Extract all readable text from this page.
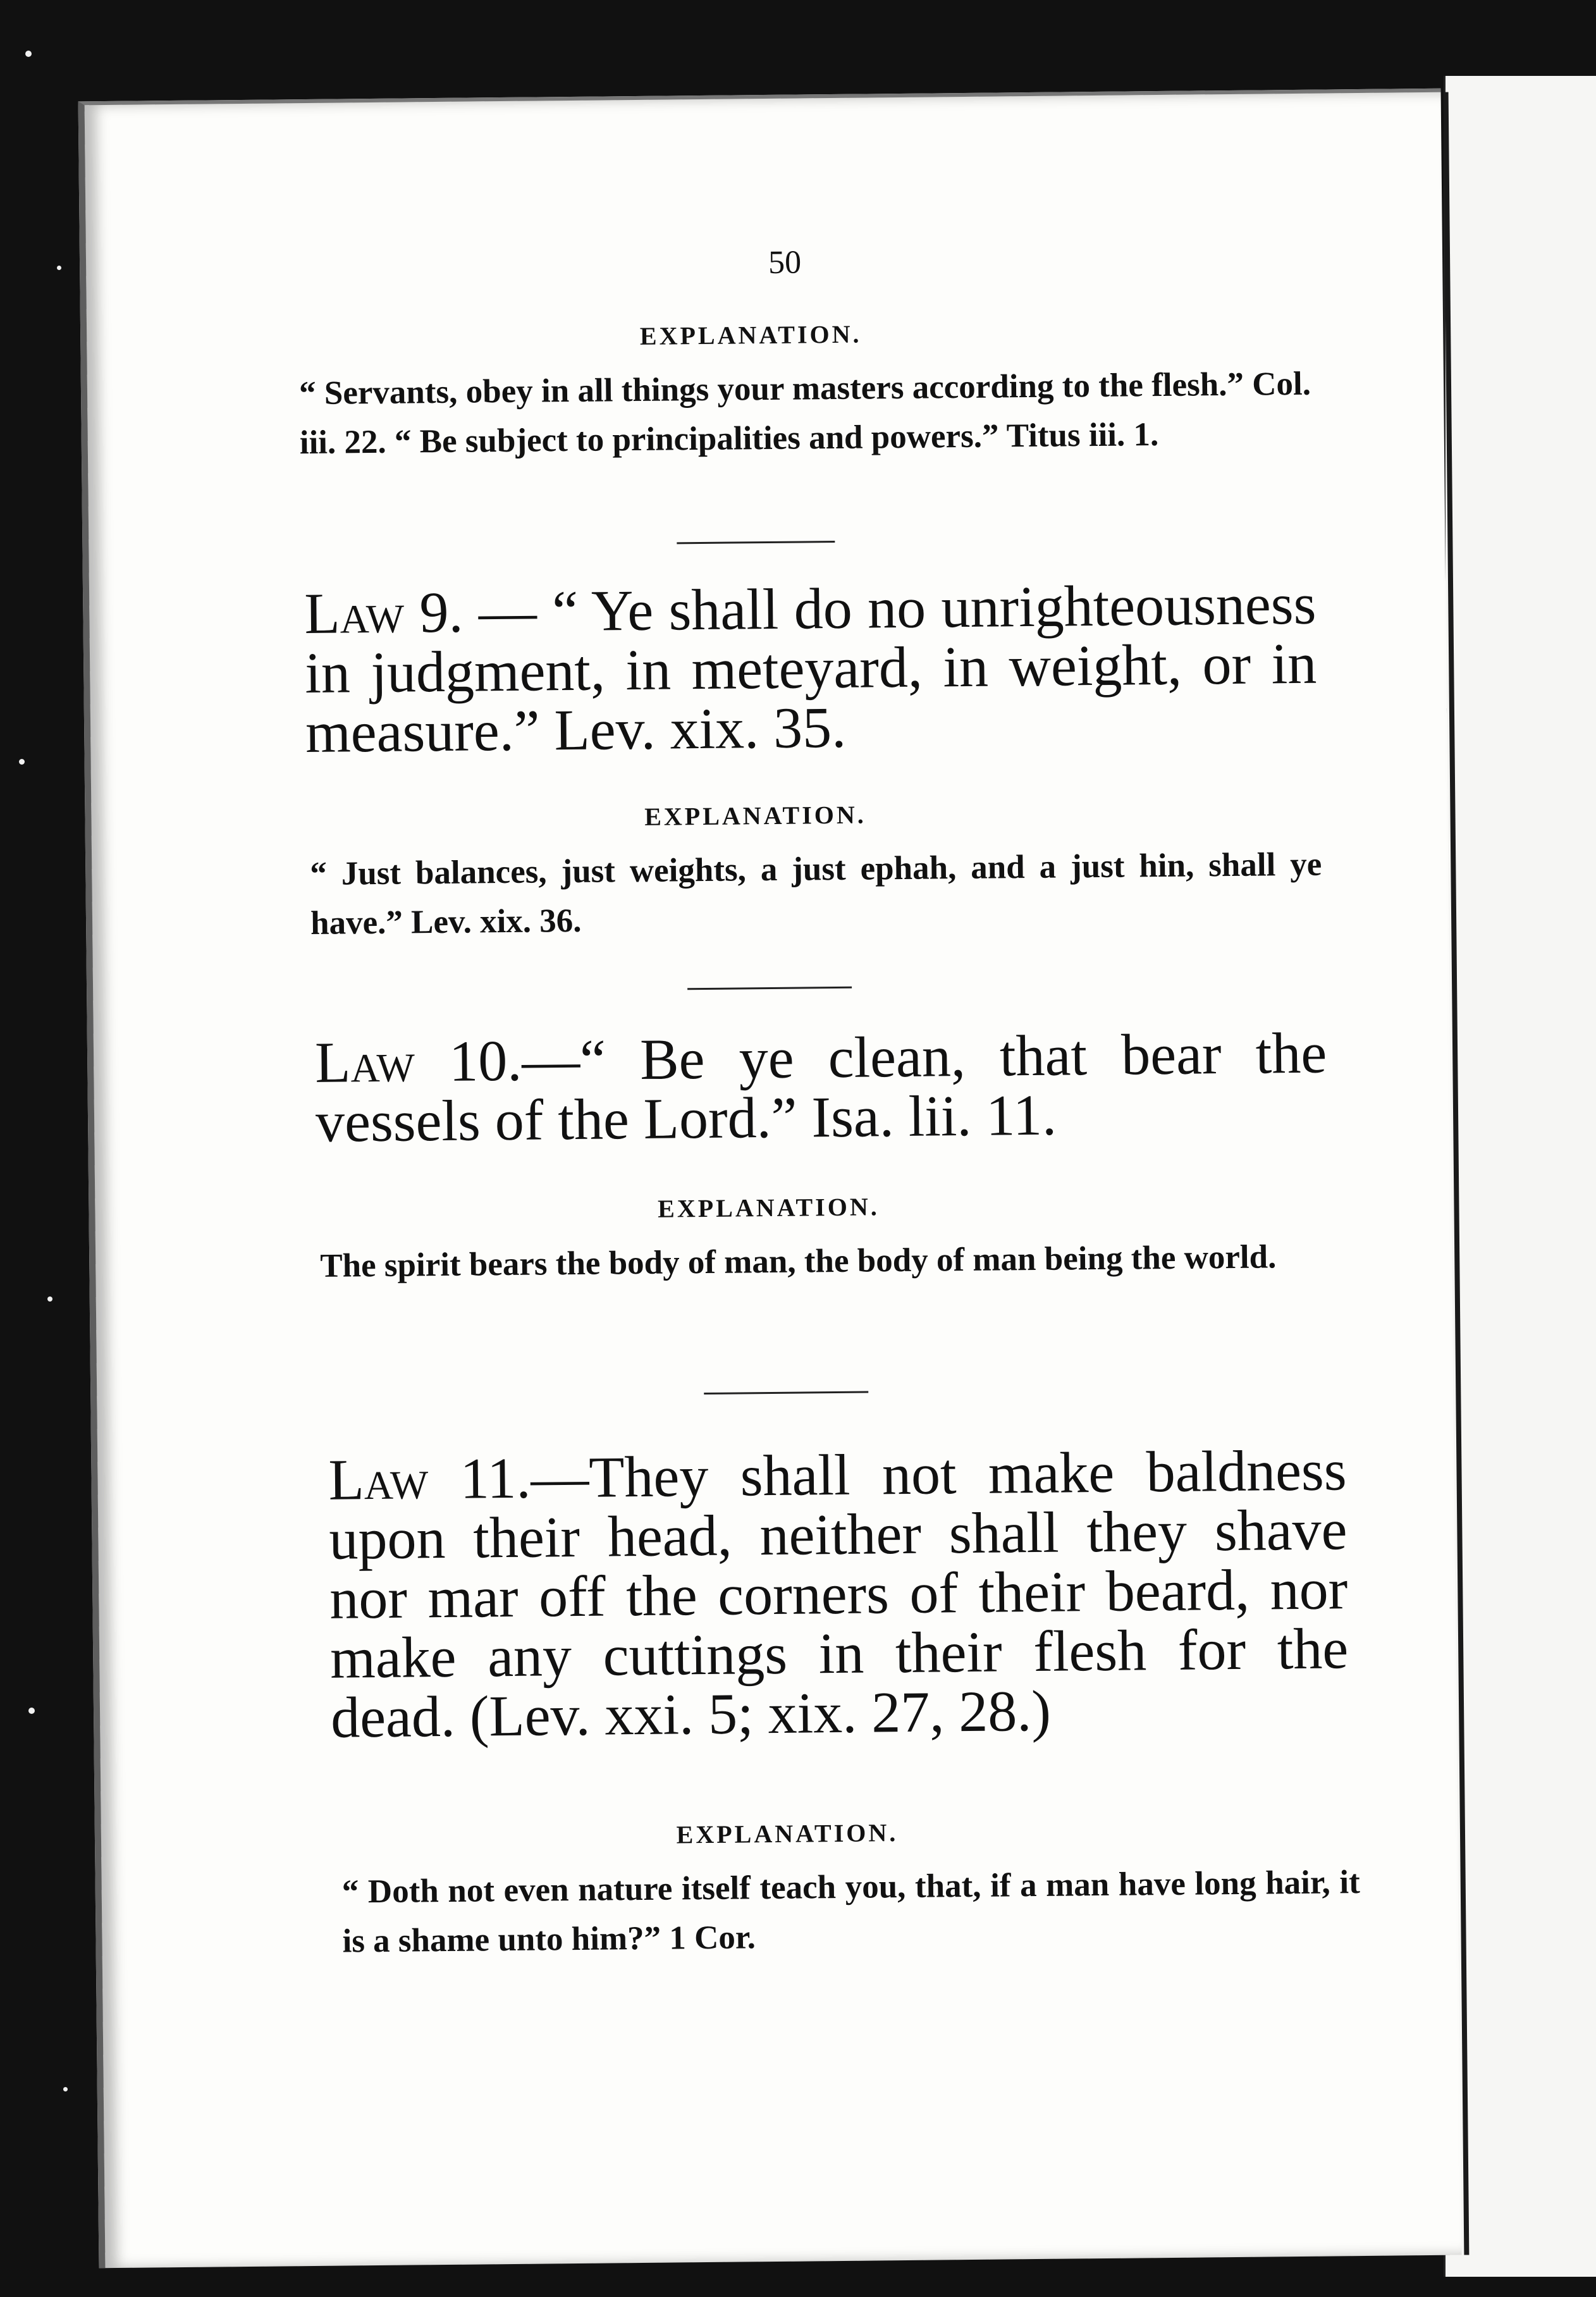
50
EXPLANATION.
“ Servants, obey in all things your masters according to the flesh.” Col. iii. 22. “ Be subject to principalities and powers.” Titus iii. 1.
Law 9. — “ Ye shall do no unrighteousness in judgment, in meteyard, in weight, or in measure.” Lev. xix. 35.
EXPLANATION.
“ Just balances, just weights, a just ephah, and a just hin, shall ye have.” Lev. xix. 36.
Law 10.—“ Be ye clean, that bear the vessels of the Lord.” Isa. lii. 11.
EXPLANATION.
The spirit bears the body of man, the body of man being the world.
Law 11.—They shall not make baldness upon their head, neither shall they shave nor mar off the corners of their beard, nor make any cuttings in their flesh for the dead. (Lev. xxi. 5; xix. 27, 28.)
EXPLANATION.
“ Doth not even nature itself teach you, that, if a man have long hair, it is a shame unto him?” 1 Cor.
